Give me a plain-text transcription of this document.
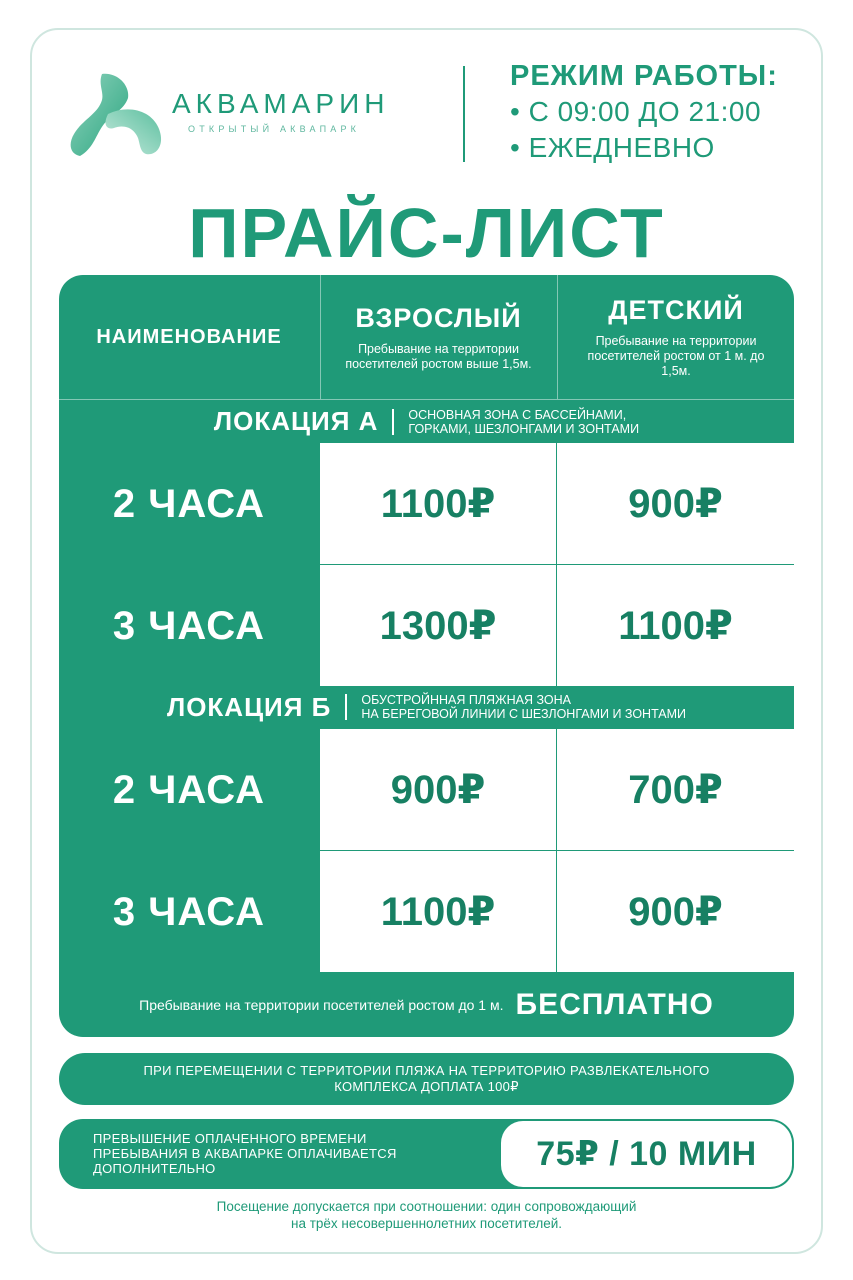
АКВАМАРИН
ОТКРЫТЫЙ АКВАПАРК
РЕЖИМ РАБОТЫ:
• С 09:00 ДО 21:00
• ЕЖЕДНЕВНО
ПРАЙС-ЛИСТ
НАИМЕНОВАНИЕ
ВЗРОСЛЫЙ
Пребывание на территории посетителей ростом выше 1,5м.
ДЕТСКИЙ
Пребывание на территории посетителей ростом от 1 м. до 1,5м.
ЛОКАЦИЯ А ОСНОВНАЯ ЗОНА С БАССЕЙНАМИ,
ГОРКАМИ, ШЕЗЛОНГАМИ И ЗОНТАМИ
2 ЧАСА	1100₽	900₽
3 ЧАСА	1300₽	1100₽
ЛОКАЦИЯ Б ОБУСТРОЙННАЯ ПЛЯЖНАЯ ЗОНА
НА БЕРЕГОВОЙ ЛИНИИ С ШЕЗЛОНГАМИ И ЗОНТАМИ
2 ЧАСА	900₽	700₽
3 ЧАСА	1100₽	900₽
Пребывание на территории посетителей ростом до 1 м. БЕСПЛАТНО
ПРИ ПЕРЕМЕЩЕНИИ С ТЕРРИТОРИИ ПЛЯЖА НА ТЕРРИТОРИЮ РАЗВЛЕКАТЕЛЬНОГО
КОМПЛЕКСА ДОПЛАТА 100₽
ПРЕВЫШЕНИЕ ОПЛАЧЕННОГО ВРЕМЕНИ
ПРЕБЫВАНИЯ В АКВАПАРКЕ ОПЛАЧИВАЕТСЯ
ДОПОЛНИТЕЛЬНО	75₽ / 10 МИН
Посещение допускается при соотношении: один сопровождающий
на трёх несовершеннолетних посетителей.
